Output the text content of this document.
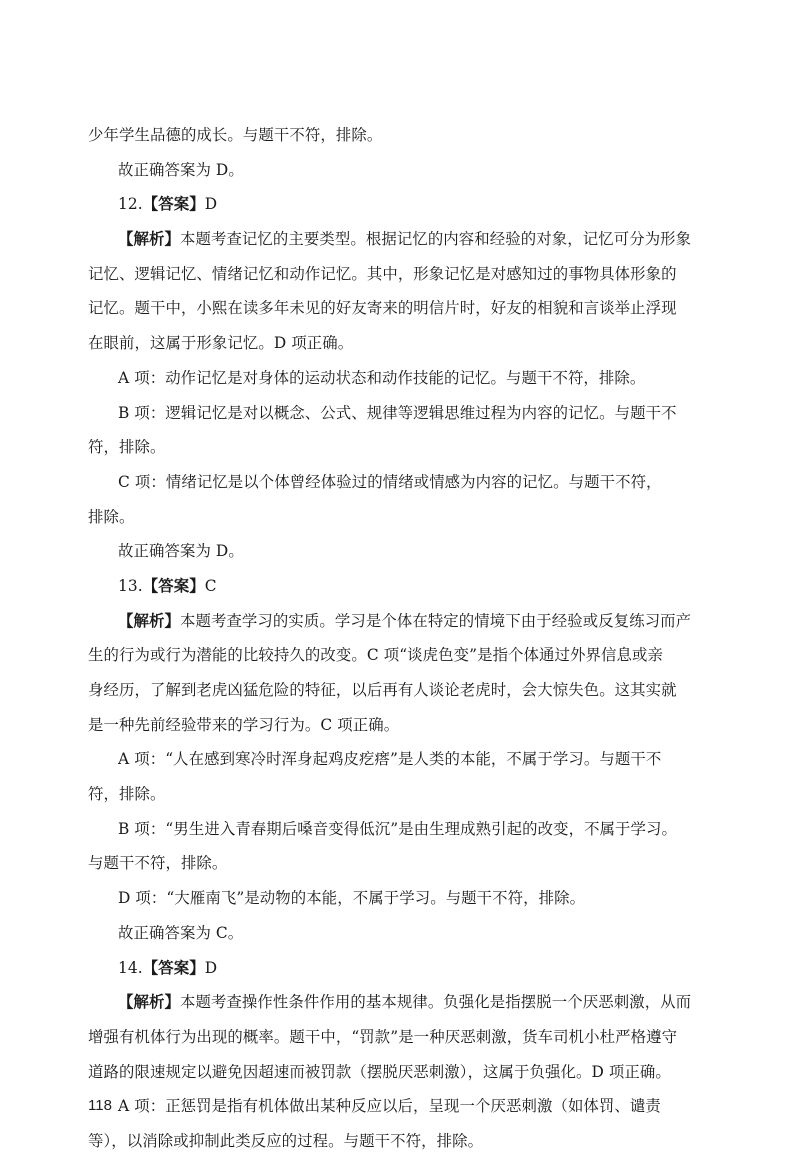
少年学生品德的成长。与题干不符，排除。
故正确答案为 D。
12.【答案】D
【解析】本题考查记忆的主要类型。根据记忆的内容和经验的对象，记忆可分为形象
记忆、逻辑记忆、情绪记忆和动作记忆。其中，形象记忆是对感知过的事物具体形象的
记忆。题干中，小熙在读多年未见的好友寄来的明信片时，好友的相貌和言谈举止浮现
在眼前，这属于形象记忆。D 项正确。
A 项：动作记忆是对身体的运动状态和动作技能的记忆。与题干不符，排除。
B 项：逻辑记忆是对以概念、公式、规律等逻辑思维过程为内容的记忆。与题干不
符，排除。
C 项：情绪记忆是以个体曾经体验过的情绪或情感为内容的记忆。与题干不符，
排除。
故正确答案为 D。
13.【答案】C
【解析】本题考查学习的实质。学习是个体在特定的情境下由于经验或反复练习而产
生的行为或行为潜能的比较持久的改变。C 项“谈虎色变”是指个体通过外界信息或亲
身经历，了解到老虎凶猛危险的特征，以后再有人谈论老虎时，会大惊失色。这其实就
是一种先前经验带来的学习行为。C 项正确。
A 项：“人在感到寒冷时浑身起鸡皮疙瘩”是人类的本能，不属于学习。与题干不
符，排除。
B 项：“男生进入青春期后嗓音变得低沉”是由生理成熟引起的改变，不属于学习。
与题干不符，排除。
D 项：“大雁南飞”是动物的本能，不属于学习。与题干不符，排除。
故正确答案为 C。
14.【答案】D
【解析】本题考查操作性条件作用的基本规律。负强化是指摆脱一个厌恶刺激，从而
增强有机体行为出现的概率。题干中，“罚款”是一种厌恶刺激，货车司机小杜严格遵守
道路的限速规定以避免因超速而被罚款（摆脱厌恶刺激），这属于负强化。D 项正确。
A 项：正惩罚是指有机体做出某种反应以后，呈现一个厌恶刺激（如体罚、谴责
等），以消除或抑制此类反应的过程。与题干不符，排除。
118
